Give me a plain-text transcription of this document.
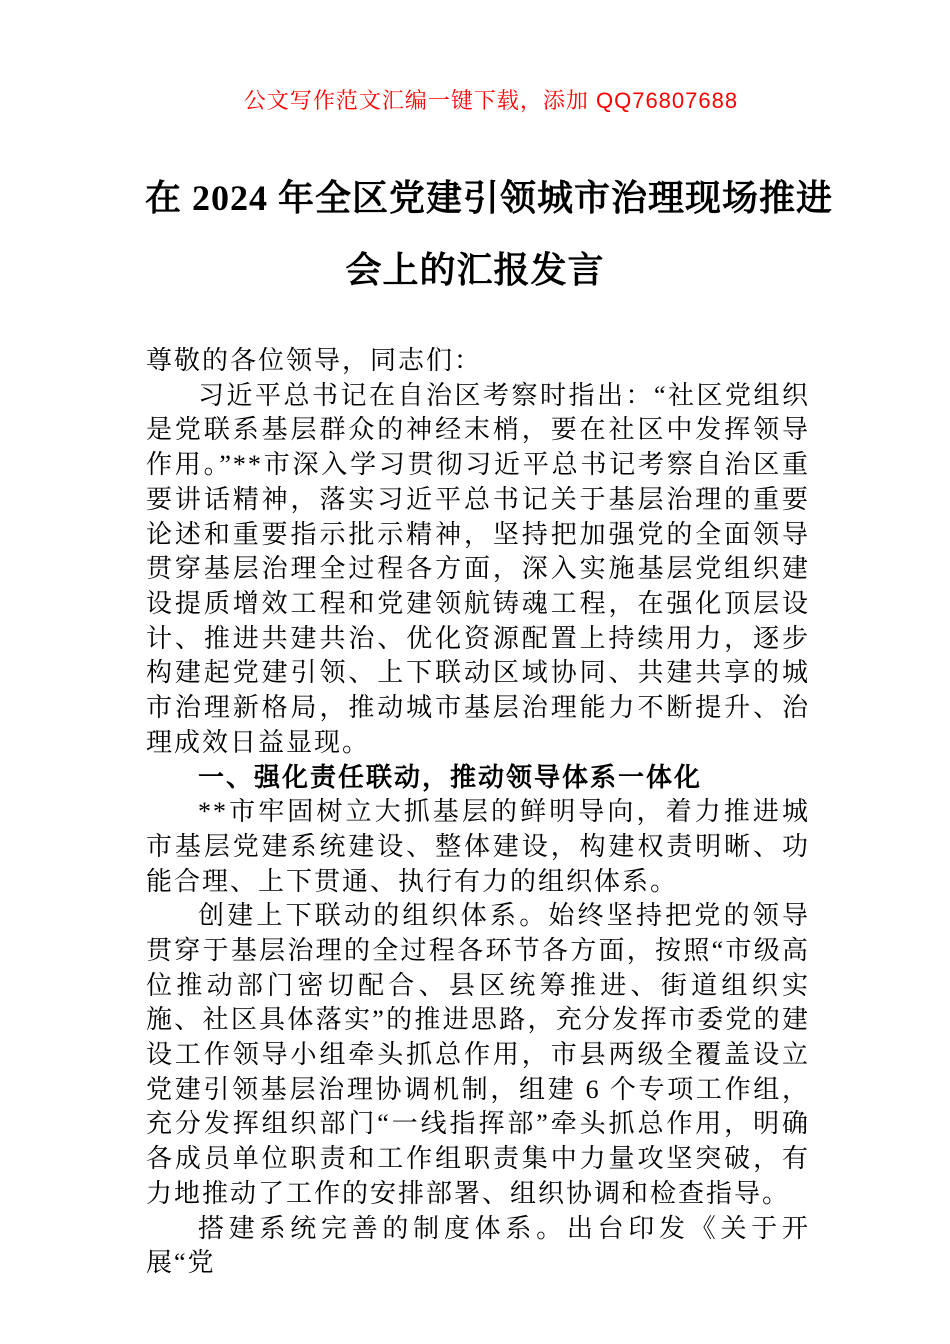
公文写作范文汇编一键下载，添加 QQ76807688
在 2024 年全区党建引领城市治理现场推进
会上的汇报发言

尊敬的各位领导，同志们：

习近平总书记在自治区考察时指出：“社区党组织是党联系基层群众的神经末梢，要在社区中发挥领导作用。”**市深入学习贯彻习近平总书记考察自治区重要讲话精神，落实习近平总书记关于基层治理的重要论述和重要指示批示精神，坚持把加强党的全面领导贯穿基层治理全过程各方面，深入实施基层党组织建设提质增效工程和党建领航铸魂工程，在强化顶层设计、推进共建共治、优化资源配置上持续用力，逐步构建起党建引领、上下联动区域协同、共建共享的城市治理新格局，推动城市基层治理能力不断提升、治理成效日益显现。

一、强化责任联动，推动领导体系一体化

**市牢固树立大抓基层的鲜明导向，着力推进城市基层党建系统建设、整体建设，构建权责明晰、功能合理、上下贯通、执行有力的组织体系。

创建上下联动的组织体系。始终坚持把党的领导贯穿于基层治理的全过程各环节各方面，按照“市级高位推动部门密切配合、县区统筹推进、街道组织实施、社区具体落实”的推进思路，充分发挥市委党的建设工作领导小组牵头抓总作用，市县两级全覆盖设立党建引领基层治理协调机制，组建 6 个专项工作组，充分发挥组织部门“一线指挥部”牵头抓总作用，明确各成员单位职责和工作组职责集中力量攻坚突破，有力地推动了工作的安排部署、组织协调和检查指导。

搭建系统完善的制度体系。出台印发《关于开展“党
